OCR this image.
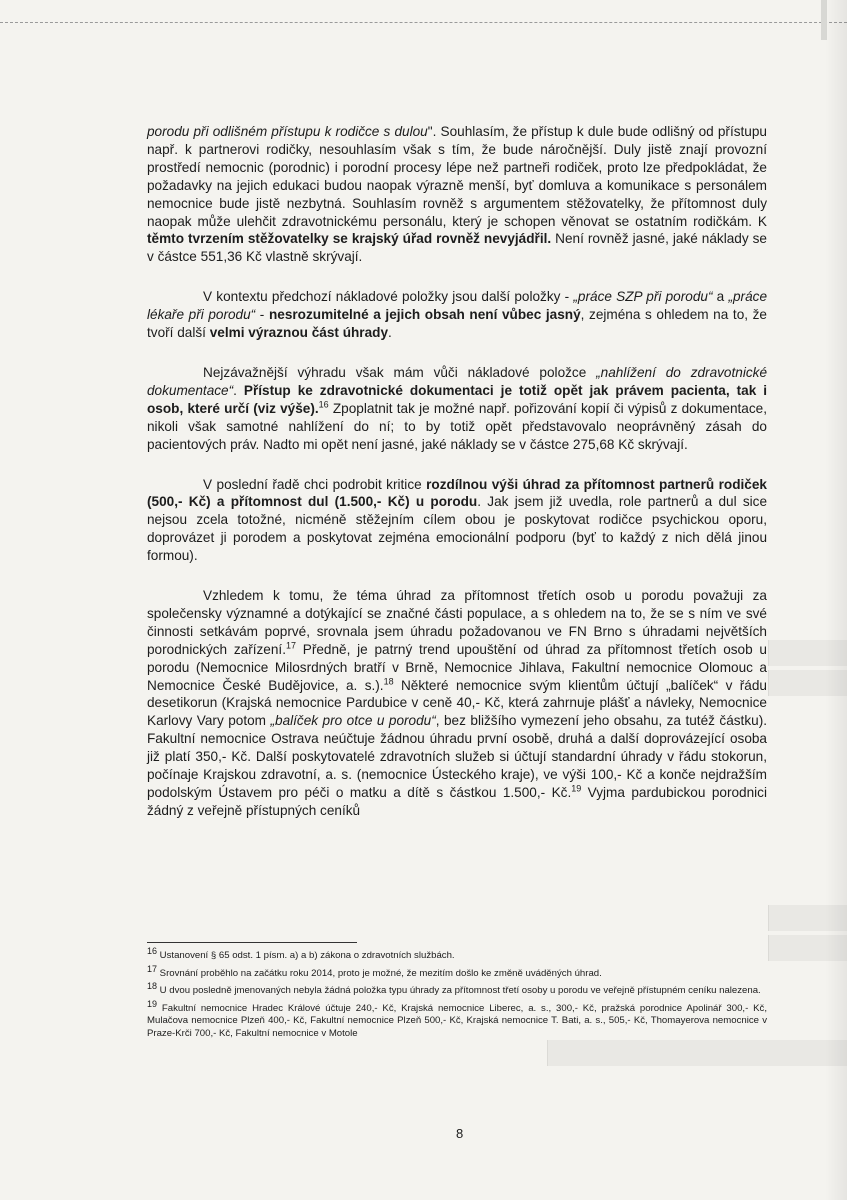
porodu při odlišném přístupu k rodičce s dulou". Souhlasím, že přístup k dule bude odlišný od přístupu např. k partnerovi rodičky, nesouhlasím však s tím, že bude náročnější. Duly jistě znají provozní prostředí nemocnic (porodnic) i porodní procesy lépe než partneři rodiček, proto lze předpokládat, že požadavky na jejich edukaci budou naopak výrazně menší, byť domluva a komunikace s personálem nemocnice bude jistě nezbytná. Souhlasím rovněž s argumentem stěžovatelky, že přítomnost duly naopak může ulehčit zdravotnickému personálu, který je schopen věnovat se ostatním rodičkám. K těmto tvrzením stěžovatelky se krajský úřad rovněž nevyjádřil. Není rovněž jasné, jaké náklady se v částce 551,36 Kč vlastně skrývají.

V kontextu předchozí nákladové položky jsou další položky - „práce SZP při porodu“ a „práce lékaře při porodu“ - nesrozumitelné a jejich obsah není vůbec jasný, zejména s ohledem na to, že tvoří další velmi výraznou část úhrady.

Nejzávažnější výhradu však mám vůči nákladové položce „nahlížení do zdravotnické dokumentace“. Přístup ke zdravotnické dokumentaci je totiž opět jak právem pacienta, tak i osob, které určí (viz výše).$^{16}$ Zpoplatnit tak je možné např. pořizování kopií či výpisů z dokumentace, nikoli však samotné nahlížení do ní; to by totiž opět představovalo neoprávněný zásah do pacientových práv. Nadto mi opět není jasné, jaké náklady se v částce 275,68 Kč skrývají.

V poslední řadě chci podrobit kritice rozdílnou výši úhrad za přítomnost partnerů rodiček (500,- Kč) a přítomnost dul (1.500,- Kč) u porodu. Jak jsem již uvedla, role partnerů a dul sice nejsou zcela totožné, nicméně stěžejním cílem obou je poskytovat rodičce psychickou oporu, doprovázet ji porodem a poskytovat zejména emocionální podporu (byť to každý z nich dělá jinou formou).

Vzhledem k tomu, že téma úhrad za přítomnost třetích osob u porodu považuji za společensky významné a dotýkající se značné části populace, a s ohledem na to, že se s ním ve své činnosti setkávám poprvé, srovnala jsem úhradu požadovanou ve FN Brno s úhradami největších porodnických zařízení.$^{17}$ Předně, je patrný trend upouštění od úhrad za přítomnost třetích osob u porodu (Nemocnice Milosrdných bratří v Brně, Nemocnice Jihlava, Fakultní nemocnice Olomouc a Nemocnice České Budějovice, a. s.).$^{18}$ Některé nemocnice svým klientům účtují „balíček“ v řádu desetikorun (Krajská nemocnice Pardubice v ceně 40,- Kč, která zahrnuje plášť a návleky, Nemocnice Karlovy Vary potom „balíček pro otce u porodu“, bez bližšího vymezení jeho obsahu, za tutéž částku). Fakultní nemocnice Ostrava neúčtuje žádnou úhradu první osobě, druhá a další doprovázející osoba již platí 350,- Kč. Další poskytovatelé zdravotních služeb si účtují standardní úhrady v řádu stokorun, počínaje Krajskou zdravotní, a. s. (nemocnice Ústeckého kraje), ve výši 100,- Kč a konče nejdražším podolským Ústavem pro péči o matku a dítě s částkou 1.500,- Kč.$^{19}$ Vyjma pardubickou porodnici žádný z veřejně přístupných ceníků

$^{16}$ Ustanovení § 65 odst. 1 písm. a) a b) zákona o zdravotních službách.

$^{17}$ Srovnání proběhlo na začátku roku 2014, proto je možné, že mezitím došlo ke změně uváděných úhrad.

$^{18}$ U dvou posledně jmenovaných nebyla žádná položka typu úhrady za přítomnost třetí osoby u porodu ve veřejně přístupném ceníku nalezena.

$^{19}$ Fakultní nemocnice Hradec Králové účtuje 240,- Kč, Krajská nemocnice Liberec, a. s., 300,- Kč, pražská porodnice Apolinář 300,- Kč, Mulačova nemocnice Plzeň 400,- Kč, Fakultní nemocnice Plzeň 500,- Kč, Krajská nemocnice T. Bati, a. s., 505,- Kč, Thomayerova nemocnice v Praze-Krči 700,- Kč, Fakultní nemocnice v Motole

8
